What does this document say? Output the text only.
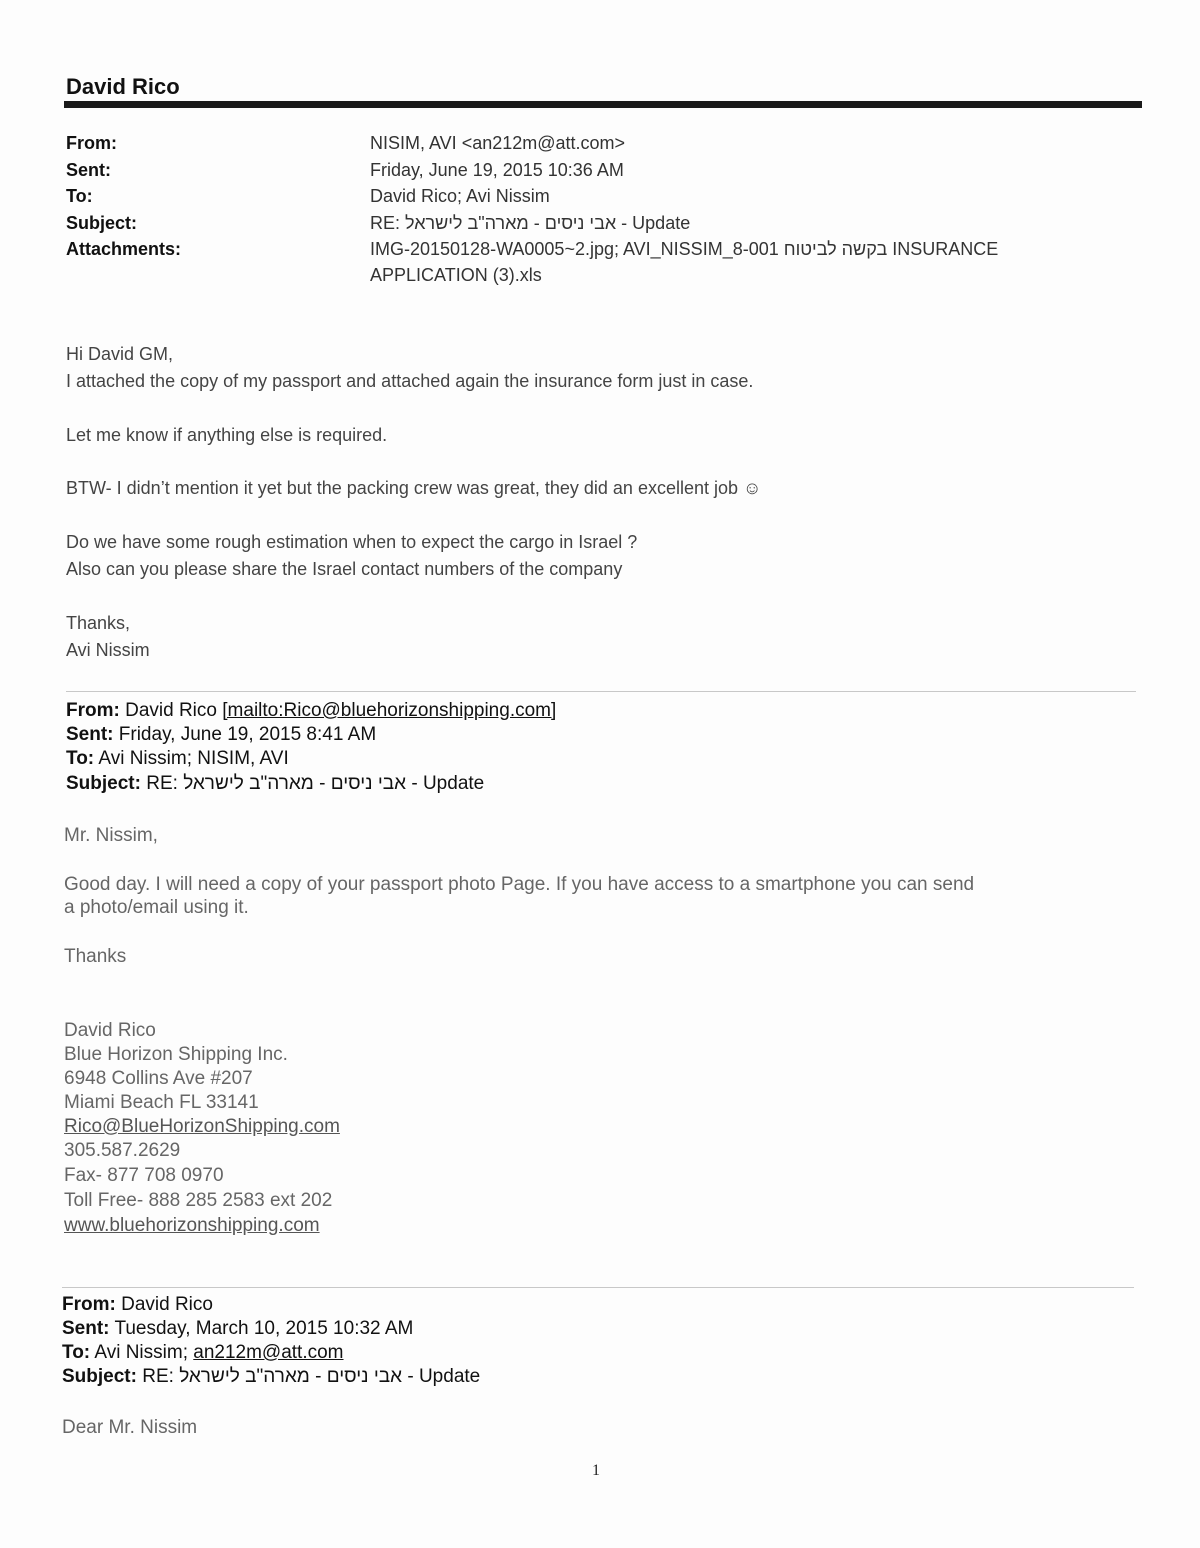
David Rico
From:	NISIM, AVI <an212m@att.com>
Sent:	Friday, June 19, 2015 10:36 AM
To:	David Rico; Avi Nissim
Subject:	RE: אבי ניסים - מארה"ב לישראל - Update
Attachments:	IMG-20150128-WA0005~2.jpg; AVI_NISSIM_8-001 בקשה לביטוח INSURANCE
APPLICATION (3).xls
Hi David GM,
I attached the copy of my passport and attached again the insurance form just in case.
Let me know if anything else is required.
BTW- I didn’t mention it yet but the packing crew was great, they did an excellent job ☺
Do we have some rough estimation when to expect the cargo in Israel ?
Also can you please share the Israel contact numbers of the company
Thanks,
Avi Nissim
From: David Rico [mailto:Rico@bluehorizonshipping.com]
Sent: Friday, June 19, 2015 8:41 AM
To: Avi Nissim; NISIM, AVI
Subject: RE: אבי ניסים - מארה"ב לישראל - Update
Mr. Nissim,
Good day. I will need a copy of your passport photo Page. If you have access to a smartphone you can send
a photo/email using it.
Thanks
David Rico
Blue Horizon Shipping Inc.
6948 Collins Ave #207
Miami Beach FL 33141
Rico@BlueHorizonShipping.com
305.587.2629
Fax- 877 708 0970
Toll Free- 888 285 2583 ext 202
www.bluehorizonshipping.com
From: David Rico
Sent: Tuesday, March 10, 2015 10:32 AM
To: Avi Nissim; an212m@att.com
Subject: RE: אבי ניסים - מארה"ב לישראל - Update
Dear Mr. Nissim
1
